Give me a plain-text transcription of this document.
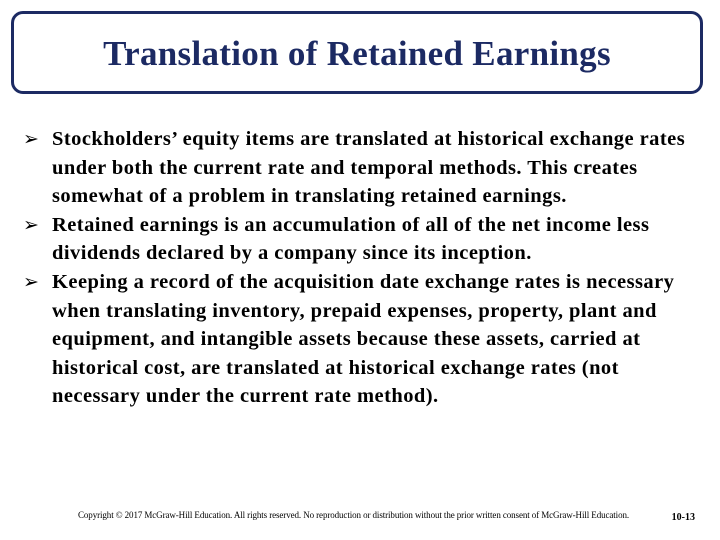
Translation of Retained Earnings
➢ Stockholders’ equity items are translated at historical exchange rates under both the current rate and temporal methods. This creates somewhat of a problem in translating retained earnings.
➢ Retained earnings is an accumulation of all of the net income less dividends declared by a company since its inception.
➢ Keeping a record of the acquisition date exchange rates is necessary when translating inventory, prepaid expenses, property, plant and equipment, and intangible assets because these assets, carried at historical cost, are translated at historical exchange rates (not necessary under the current rate method).
Copyright © 2017 McGraw-Hill Education. All rights reserved. No reproduction or distribution without the prior written consent of McGraw-Hill Education.	10-13
